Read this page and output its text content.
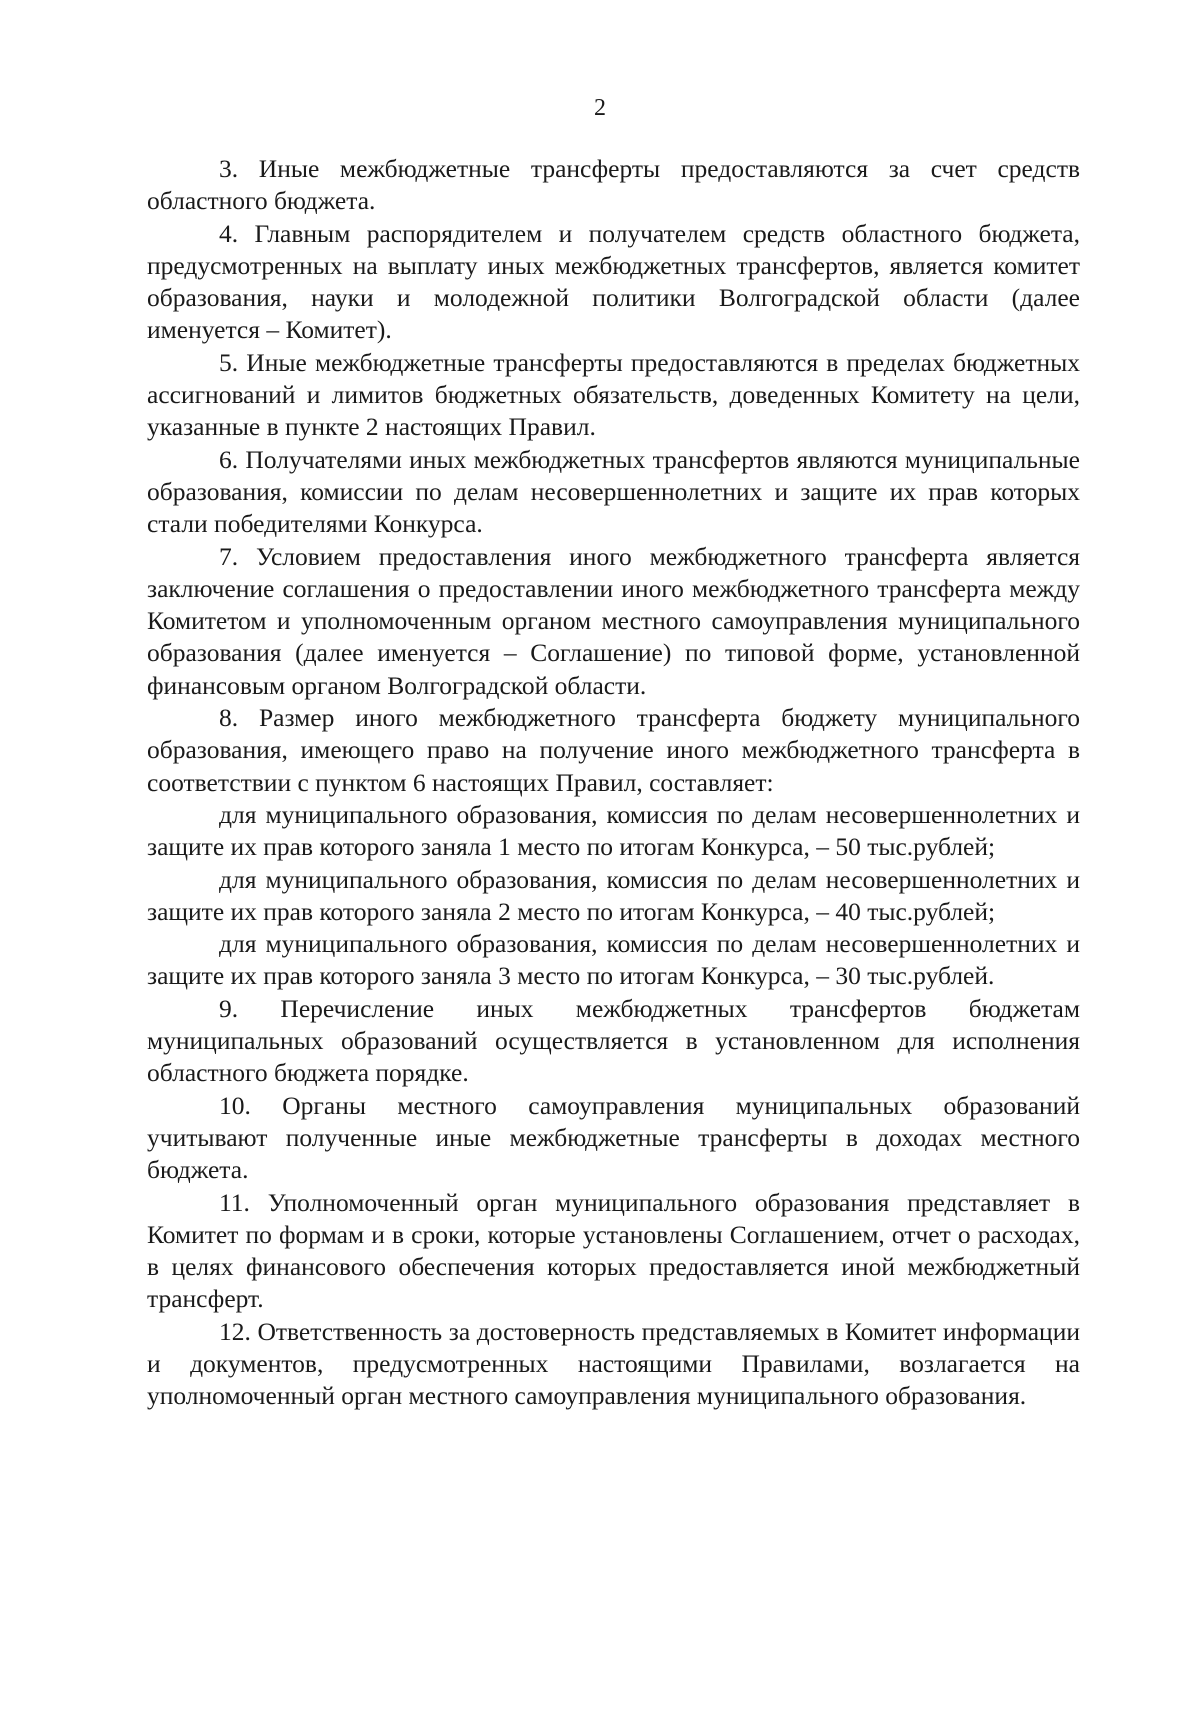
2

3. Иные межбюджетные трансферты предоставляются за счет средств областного бюджета.

4. Главным распорядителем и получателем средств областного бюджета, предусмотренных на выплату иных межбюджетных трансфертов, является комитет образования, науки и молодежной политики Волгоградской области (далее именуется – Комитет).

5. Иные межбюджетные трансферты предоставляются в пределах бюджетных ассигнований и лимитов бюджетных обязательств, доведенных Комитету на цели, указанные в пункте 2 настоящих Правил.

6. Получателями иных межбюджетных трансфертов являются муниципальные образования, комиссии по делам несовершеннолетних и защите их прав которых стали победителями Конкурса.

7. Условием предоставления иного межбюджетного трансферта является заключение соглашения о предоставлении иного межбюджетного трансферта между Комитетом и уполномоченным органом местного самоуправления муниципального образования (далее именуется – Соглашение) по типовой форме, установленной финансовым органом Волгоградской области.

8. Размер иного межбюджетного трансферта бюджету муниципального образования, имеющего право на получение иного межбюджетного трансферта в соответствии с пунктом 6 настоящих Правил, составляет:

для муниципального образования, комиссия по делам несовершеннолетних и защите их прав которого заняла 1 место по итогам Конкурса, – 50 тыс.рублей;

для муниципального образования, комиссия по делам несовершеннолетних и защите их прав которого заняла 2 место по итогам Конкурса, – 40 тыс.рублей;

для муниципального образования, комиссия по делам несовершеннолетних и защите их прав которого заняла 3 место по итогам Конкурса, – 30 тыс.рублей.

9. Перечисление иных межбюджетных трансфертов бюджетам муниципальных образований осуществляется в установленном для исполнения областного бюджета порядке.

10. Органы местного самоуправления муниципальных образований учитывают полученные иные межбюджетные трансферты в доходах местного бюджета.

11. Уполномоченный орган муниципального образования представляет в Комитет по формам и в сроки, которые установлены Соглашением, отчет о расходах, в целях финансового обеспечения которых предоставляется иной межбюджетный трансферт.

12. Ответственность за достоверность представляемых в Комитет информации и документов, предусмотренных настоящими Правилами, возлагается на уполномоченный орган местного самоуправления муниципального образования.
